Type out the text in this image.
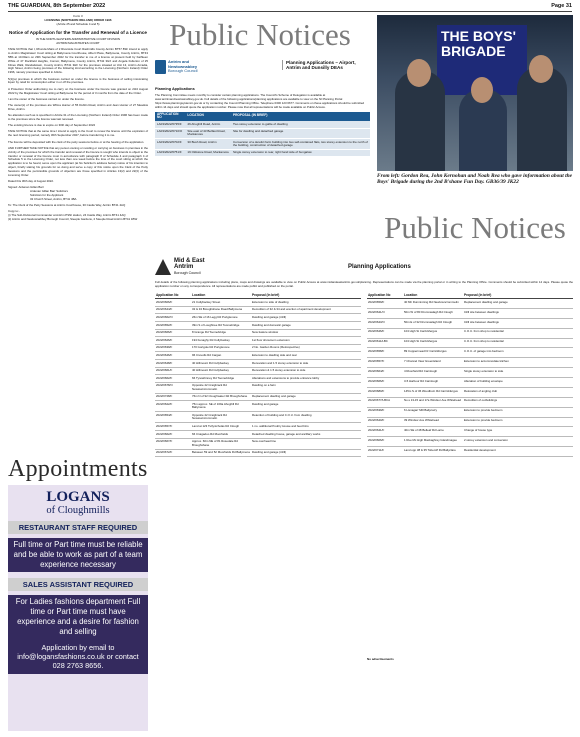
THE GUARDIAN, 8th September 2022	Page 31
Form 3
LICENSING (NORTHERN IRELAND) ORDER 1996
(Article 25 and Schedule 4 and 5)
Notice of Application for the Transfer and Renewal of a Licence
IN THE NORTH EASTERN ADMINISTRATIVE COURT DIVISION
ANTRIM MAGISTRATES COURT

TAKE NOTICE that I, Rhonda Mairs of 2 Riverside Court Rashmills County Antrim BT57 8SF intend to apply to Antrim Magistrates' Court sitting at Ballymena Courthouse, Albert Place, Ballymena, County Antrim, BT43 5BS at 10.00am on 29th September 2022 for the transfer to me of a licence at present held by Kathleen White of 47 Rockfield Heights, Connor, Ballymena, County Antrim, BT42 3GX and Angela Fullerton of 25 Kilnes Walk, Randalstown, County Antrim, BT41 3HF for the premises situated at Unit 13, Antrim Arcadia, High Street, Antrim being premises of the following kind according to the Licensing (Northern Ireland) Order 1996, namely premises specified in Article.

5(1)(a) premises in which the business carried on under the licence is the business of selling intoxicating liquor by retail for consumption either in or off the premises.

A Protection Order authorising me to carry on the business under the licence was granted on 23rd August 2022 by the Magistrates' Court sitting at Ballymena for the period of 3 months from the date of the Order.

I am the owner of the business carried on under the licence.

The owner(s) of the premises are Wilma Hunter of 55 Dublin Road, Antrim and Jean Hunter of 27 Meadow Drive, Antrim.

No alteration such as is specified in Article 31 of the Licensing (Northern Ireland) Order 1996 has been made to the premises since the licence was last renewed.

The existing licence is due to expire on 30th day of September 2022

TAKE NOTICE that at the same time I intend to apply to the Court to renew the licence until the expiration of the next licensing period, namely 30th September 2027, before transferring it to me.

The licence will be deposited with the clerk of the petty sessions before or at the hearing of the application.

AND FURTHER TAKE NOTICE that any person owning or residing or carrying on business in premises in the vicinity of the premises for which the transfer and renewal of the licence is sought who intends to object to the transfer or renewal of the licence must in accordance with paragraph 8 of Schedule 4 and paragraph 4 of Schedule 5 to the Licensing Order, not less than one week before the time of the court sitting at which the application is to be heard, serve upon the applicant (at his Solicitor's address below) notice of his intention to object, briefly stating his grounds for so doing and serve a copy of this notice upon the Clerk of the Petty Sessions and the permissible grounds of objection are those specified in Articles 13(2) and 22(3) of the Licensing Order.

Dated this 30th day of August 2022.

Signed: Ardenan Gillan Barr
Ardenan Gillan Barr Solicitors
Solicitors for the Applicant
32 Church Street, Antrim, BT41 4BA

To: The Clerk of the Petty Sessions at Antrim Courthouse, 30 Castle Way, Antrim BT41 4AQ

Copy to:-
(i) The Sub-Divisional Commander at Antrim PSNI station, 24 Castle Way, Antrim BT41 4AQ
(ii) Antrim and Newtownabbey Borough Council, Steeple Gardens, 2 Steeple Road Antrim BT41 1BW
Appointments
LOGANS
of Cloughmills
RESTAURANT STAFF REQUIRED
Full time or Part time must be reliable and be able to work as part of a team experience necessary
SALES ASSISTANT REQUIRED
For Ladies fashions department Full time or Part time must have experience and a desire for fashion and selling
Application by email to info@logansfashions.co.uk or contact 028 2763 8656.
Public Notices
Antrim and
Newtownabbey
Borough Council
Planning Applications – Airport, Antrim and Dunsilly DEAs
Planning Applications
The Planning Committee meets monthly to consider certain planning applications. The Council's Scheme of Delegation is available at www.antrimandnewtownabbey.gov.uk. Full details of the following applications/planning applications are available to view on the NI Planning Portal https://www.planningsystemni.gov.uk or by contacting the Council Planning Office. Telephone 0300 123 6677. Comments on these applications should be submitted within 14 days and should quote the application number. Please note that all representations will be made available on Public Access.
APPLICATION NO	LOCATION	PROPOSAL (IN BRIEF)
LA03/2022/0735/F	46 Ahoghill Road, Antrim	Two storey extension to gable of dwelling
LA03/2022/0710/O	Site east of 43 Belfast Road, Muckamore	Site for dwelling and detached garage
LA03/2022/0702/F	30 Bush Road, Antrim	Conversion of a derelict farm building into two self-contained flats, two storey extension to the north of the building, construction of detached garage
LA03/2022/0751/F	19 Oldstone Road, Muckamore	Single storey extension to rear, right hand side of bungalow
THE BOYS' BRIGADE
From left: Gordon Rea, John Kernohan and Noah Rea who gave information about the Boys' Brigade during the 2nd B'shane Fun Day. GB36/39 JK22
Public Notices
Mid & East
Antrim
Borough Council
Planning Applications
Full details of the following planning applications including plans, maps and drawings are available to view on Public Access at www.midandeastantrim.gov.uk/planning. Representations can be made via the planning portal or in writing to the Planning Office. Comments should be submitted within 14 days. Please quote the application number on any correspondence. All representations are made public and published on the portal.
Application No	Location	Proposal (in brief)
2022/0606/F	21 Cullybackey Street	Extension to side of dwelling
2022/0644/F	32 & 34 Broughshane Road Ballymena	Demolition of 32 & 34 and erection of apartment development
2022/0662/O	26m SE of 16 Legg Rd Portglenone	Dwelling and garage (infill)
2022/0652/F	39m S of Loughtree Rd Toomebridge	Dwelling and domestic garage
2022/0666/F	8 Grange Rd Toomebridge	New feature window
2022/0626/F	194 Fenaghy Rd Cullybackey	1st floor showroom extension
2022/0639/F	170 Gortgole Rd Portglenone	2 No. Garden Rooms (Retrospective)
2022/0646/F	96 Crevolls Rd Cargan	Extension to dwelling side and rear
2022/0648/F	40 Hillmount Rd Cullybackey	Renovation and 1.5 storey extension to side
2022/0661/F	40 Hillmount Rd Cullybackey	Renovation & 1.5 storey extension to side
2022/0662/F	66 Tyrewhinney Rd Toomebridge	Alterations and extensions to provide entrance lobby
2022/0678/O	Opposite 42 Craigbrack Rd Newtowncrommelin	Dwelling on a farm
2022/0728/F	76m N of 92 Cloughwater Rd Broughshane	Replacement dwelling and garage
2022/0622/F	75m approx. SE of 169a Ahoghill Rd Ballymena	Dwelling and garage
2022/0654/F	Opposite 42 Craigbrack Rd Newtowncrommelin	Retention of building and C.O.U. from dwelling
2022/0657/F	Land at 123 Tullynicholas Rd Clough	1 no. additional Poultry House and feed bins
2022/0662/F	66 Craigadoo Rd Moorfields	Detached dwelling house, garage and ancillary works
2022/0667/F	Approx. 60m NE of 81 Rosedale Rd Broughshane	New overhead line
2022/0672/F	Between 59 and 52 Moorfields Rd Ballymena	Dwelling and garage (infill)
Application No	Location	Proposal (in brief)
2022/0659/F	40 6th Dunminning Rd Newtowncrommelin	Replacement dwelling and garage
2022/0641/O	50m W of 80 Drumnaslagh Rd Clough	Infill site between dwellings
2022/0643/O	50m E of 32 Drumnaslagh Rd Clough	Infill site between dwellings
2022/0646/F	104 High St Carrickfergus	C.O.U. from shop to residential
2022/0611/LBC	104 High St Carrickfergus	C.O.U. from shop to residential
2022/0658/F	89 Coppermead Dr Carrickfergus	C.O.U. of garage into bedroom
2022/0657/F	7 Channel View Greenisland	Extension to accommodate kitchen
2022/0664/F	4 Riverfield Rd Carnlough	Single storey extension to side
2022/0666/F	3-5 Harbour Rd Carnlough	Alteration of building envelope
2022/0680/F	145m S of 36 Woodburn Rd Carrickfergus	Relocation of angling club
2022/0677/LBCA	No.s 13-15 and 17a Windsor Ave Whitehead	Demolition of outbuildings
2022/0639/F	6 Lisnagarr Mill Ballycarry	Extension to provide bedroom
2022/0640/F	39 Windsor Ave Whitehead	Extension to provide bedroom
2022/0641/F	40m SE of 48 Belleaf Rd Larne	Change of house type
2022/0606/F	1 Rue Mc High Mackaghrey Islandmagee	2 storey extension and conversion
2022/0711/F	Land opp 38 & 35 Toberoff Rd Ballyclare	Residential development
No advertisements
